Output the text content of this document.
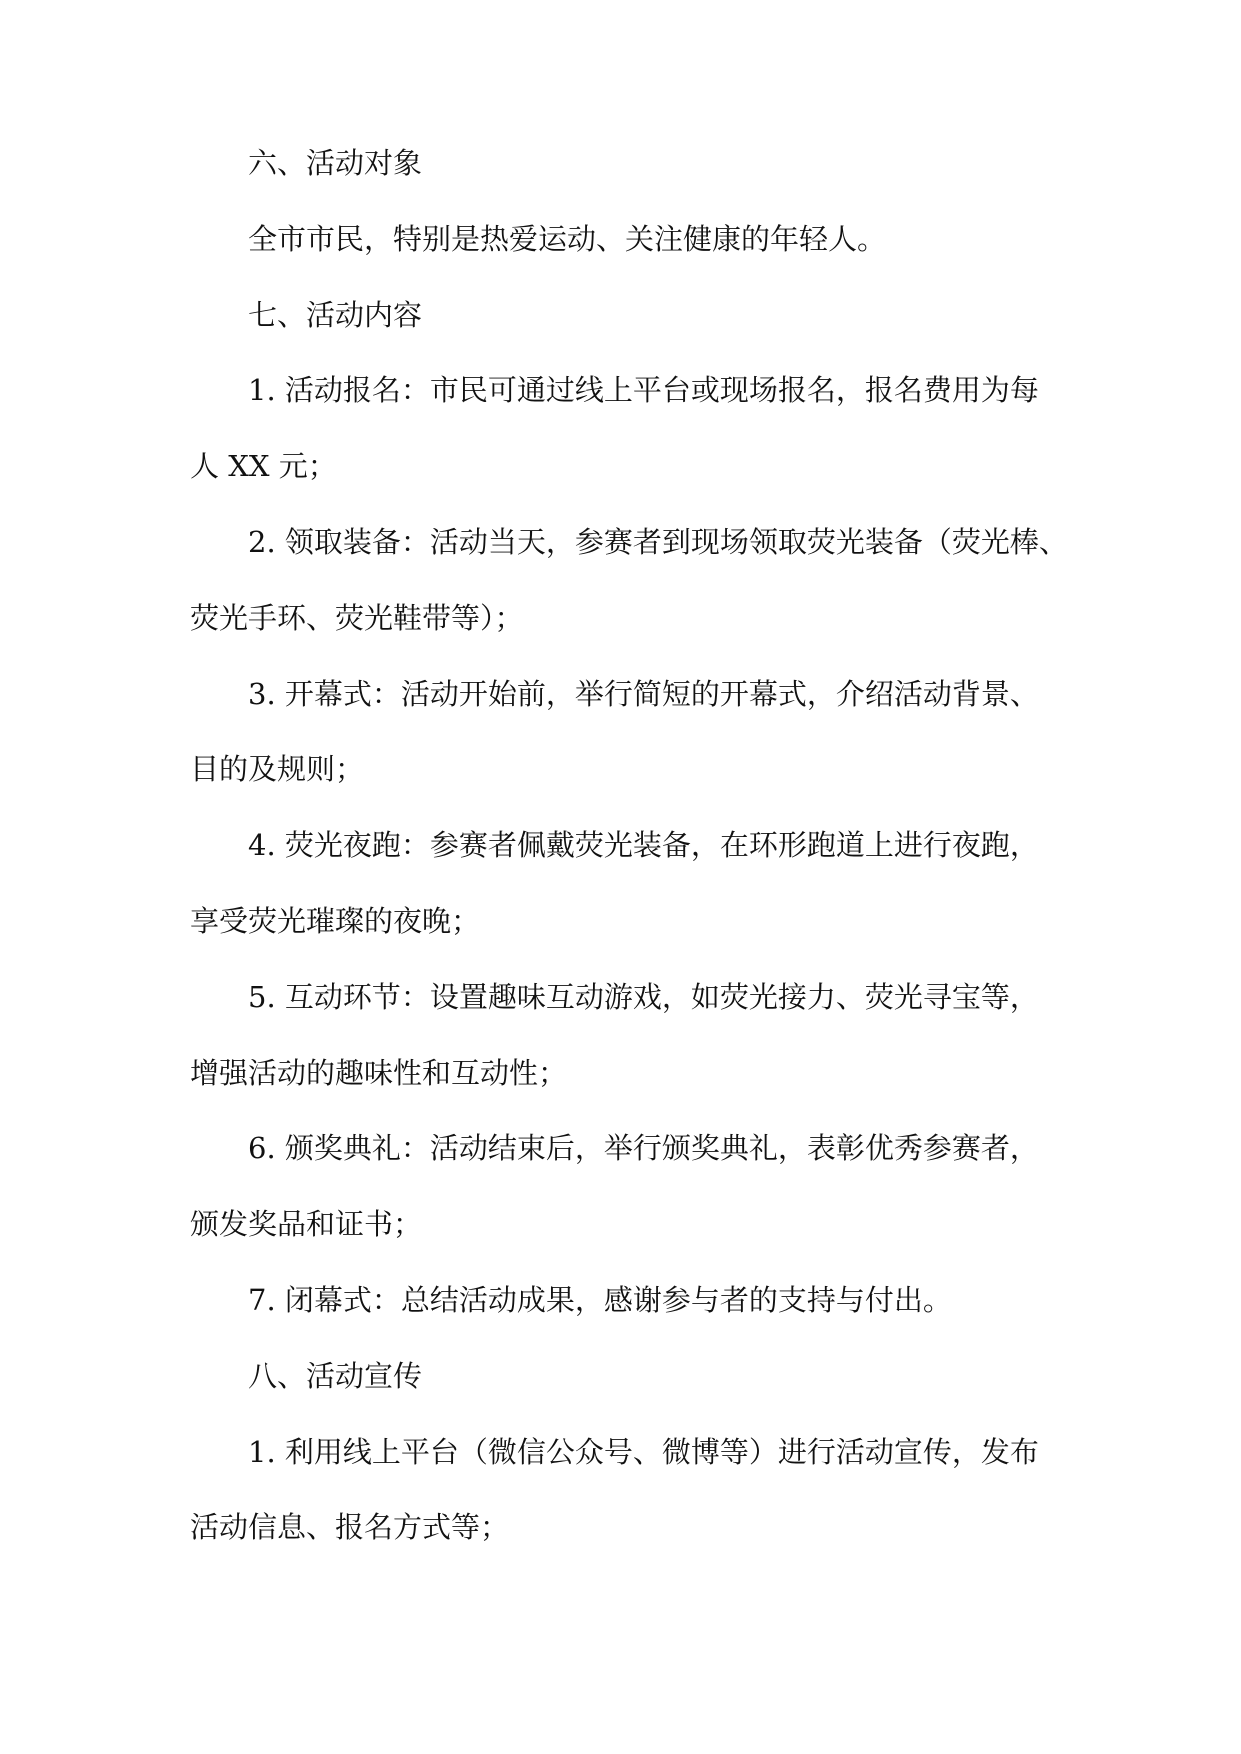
六、活动对象
全市市民，特别是热爱运动、关注健康的年轻人。
七、活动内容
1. 活动报名：市民可通过线上平台或现场报名，报名费用为每
人 XX 元；
2. 领取装备：活动当天，参赛者到现场领取荧光装备（荧光棒、
荧光手环、荧光鞋带等）；
3. 开幕式：活动开始前，举行简短的开幕式，介绍活动背景、
目的及规则；
4. 荧光夜跑：参赛者佩戴荧光装备，在环形跑道上进行夜跑，
享受荧光璀璨的夜晚；
5. 互动环节：设置趣味互动游戏，如荧光接力、荧光寻宝等，
增强活动的趣味性和互动性；
6. 颁奖典礼：活动结束后，举行颁奖典礼，表彰优秀参赛者，
颁发奖品和证书；
7. 闭幕式：总结活动成果，感谢参与者的支持与付出。
八、活动宣传
1. 利用线上平台（微信公众号、微博等）进行活动宣传，发布
活动信息、报名方式等；
